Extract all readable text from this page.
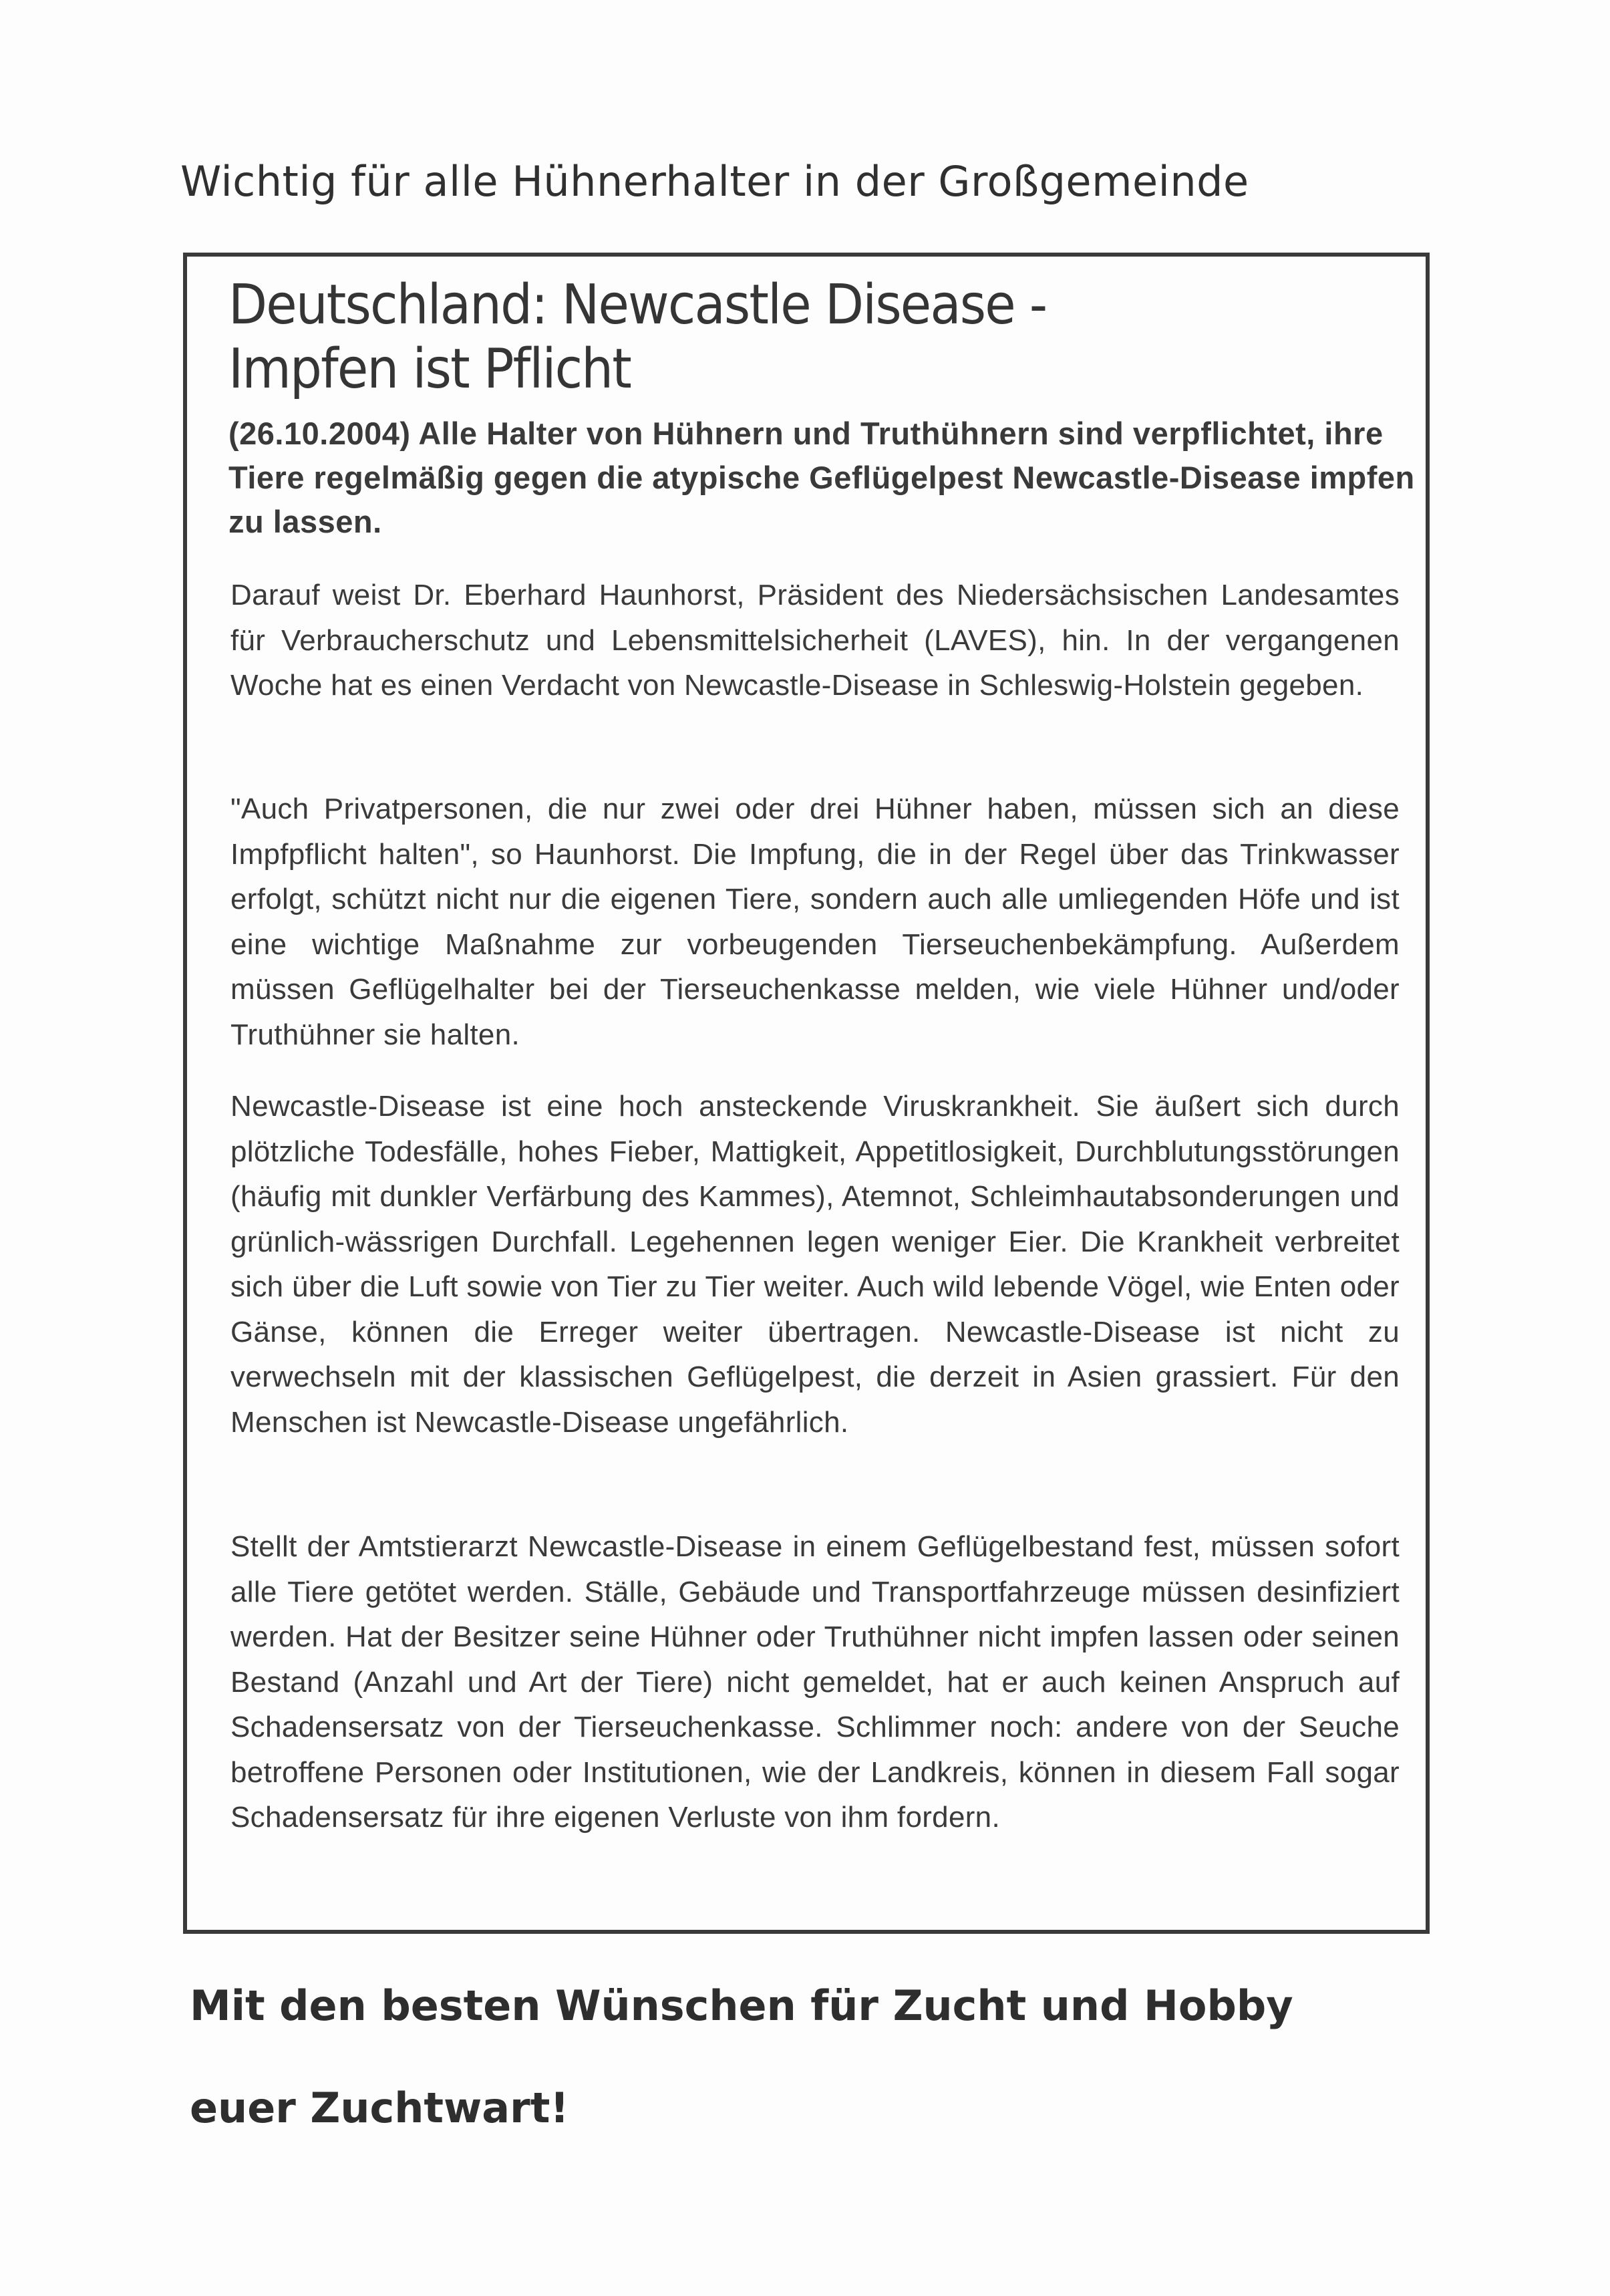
Wichtig für alle Hühnerhalter in der Großgemeinde
Deutschland: Newcastle Disease - Impfen ist Pflicht
(26.10.2004) Alle Halter von Hühnern und Truthühnern sind verpflichtet, ihre Tiere regelmäßig gegen die atypische Geflügelpest Newcastle-Disease impfen zu lassen.
Darauf weist Dr. Eberhard Haunhorst, Präsident des Niedersächsischen Landesamtes für Verbraucherschutz und Lebensmittelsicherheit (LAVES), hin. In der vergangenen Woche hat es einen Verdacht von Newcastle-Disease in Schleswig-Holstein gegeben.
"Auch Privatpersonen, die nur zwei oder drei Hühner haben, müssen sich an diese Impfpflicht halten", so Haunhorst. Die Impfung, die in der Regel über das Trinkwasser erfolgt, schützt nicht nur die eigenen Tiere, sondern auch alle umliegenden Höfe und ist eine wichtige Maßnahme zur vorbeugenden Tierseuchenbekämpfung. Außerdem müssen Geflügelhalter bei der Tierseuchenkasse melden, wie viele Hühner und/oder Truthühner sie halten.
Newcastle-Disease ist eine hoch ansteckende Viruskrankheit. Sie äußert sich durch plötzliche Todesfälle, hohes Fieber, Mattigkeit, Appetitlosigkeit, Durchblutungsstörungen (häufig mit dunkler Verfärbung des Kammes), Atemnot, Schleimhautabsonderungen und grünlich-wässrigen Durchfall. Legehennen legen weniger Eier. Die Krankheit verbreitet sich über die Luft sowie von Tier zu Tier weiter. Auch wild lebende Vögel, wie Enten oder Gänse, können die Erreger weiter übertragen. Newcastle-Disease ist nicht zu verwechseln mit der klassischen Geflügelpest, die derzeit in Asien grassiert. Für den Menschen ist Newcastle-Disease ungefährlich.
Stellt der Amtstierarzt Newcastle-Disease in einem Geflügelbestand fest, müssen sofort alle Tiere getötet werden. Ställe, Gebäude und Transportfahrzeuge müssen desinfiziert werden. Hat der Besitzer seine Hühner oder Truthühner nicht impfen lassen oder seinen Bestand (Anzahl und Art der Tiere) nicht gemeldet, hat er auch keinen Anspruch auf Schadensersatz von der Tierseuchenkasse. Schlimmer noch: andere von der Seuche betroffene Personen oder Institutionen, wie der Landkreis, können in diesem Fall sogar Schadensersatz für ihre eigenen Verluste von ihm fordern.
Mit den besten Wünschen für Zucht und Hobby
euer Zuchtwart!
